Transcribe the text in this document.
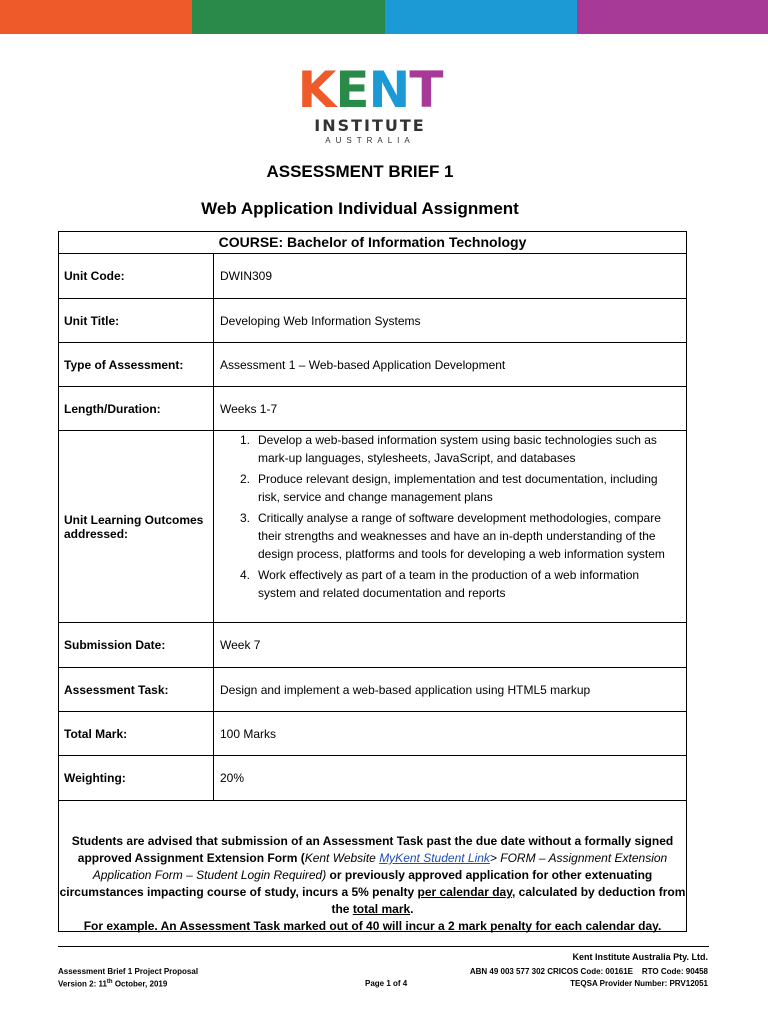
K E N T
INSTITUTE
AUSTRALIA
ASSESSMENT BRIEF 1
Web Application Individual Assignment
COURSE: Bachelor of Information Technology
Unit Code:	DWIN309
Unit Title:	Developing Web Information Systems
Type of Assessment:	Assessment 1 – Web-based Application Development
Length/Duration:	Weeks 1-7
Unit Learning Outcomes addressed:
1. Develop a web-based information system using basic technologies such as mark-up languages, stylesheets, JavaScript, and databases
2. Produce relevant design, implementation and test documentation, including risk, service and change management plans
3. Critically analyse a range of software development methodologies, compare their strengths and weaknesses and have an in-depth understanding of the design process, platforms and tools for developing a web information system
4. Work effectively as part of a team in the production of a web information system and related documentation and reports
Submission Date:	Week 7
Assessment Task:	Design and implement a web-based application using HTML5 markup
Total Mark:	100 Marks
Weighting:	20%
Students are advised that submission of an Assessment Task past the due date without a formally signed approved Assignment Extension Form (Kent Website MyKent Student Link> FORM – Assignment Extension Application Form – Student Login Required) or previously approved application for other extenuating circumstances impacting course of study, incurs a 5% penalty per calendar day, calculated by deduction from the total mark.
For example. An Assessment Task marked out of 40 will incur a 2 mark penalty for each calendar day.
Kent Institute Australia Pty. Ltd.
Assessment Brief 1 Project Proposal
Version 2: 11th October, 2019	Page 1 of 4
ABN 49 003 577 302 CRICOS Code: 00161E    RTO Code: 90458
TEQSA Provider Number: PRV12051
